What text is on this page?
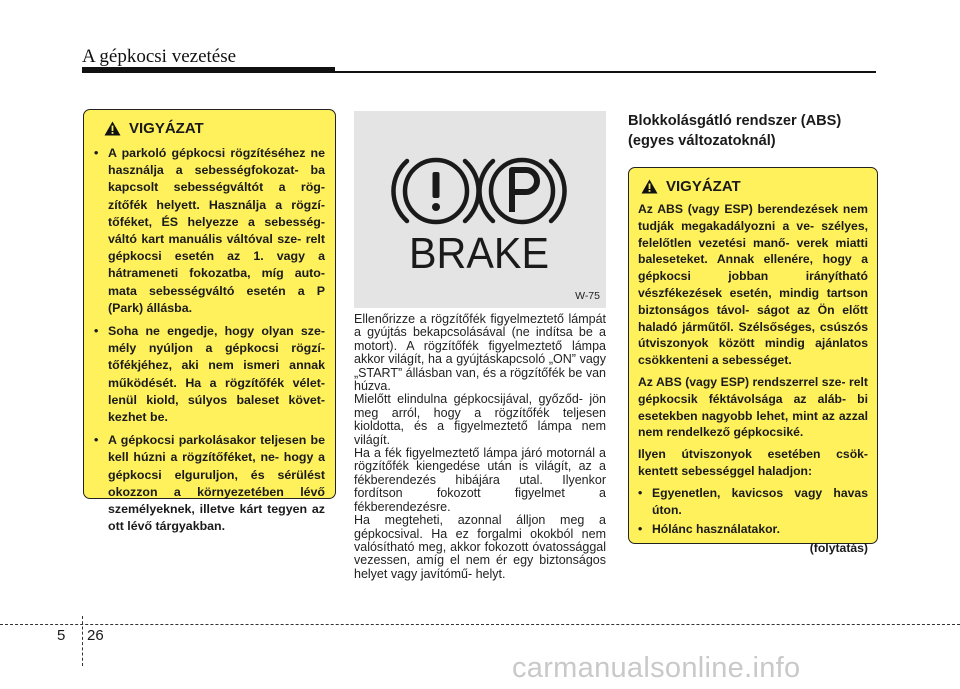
A gépkocsi vezetése
VIGYÁZAT
• A parkoló gépkocsi rögzítéséhez ne használja a sebességfokozat- ba kapcsolt sebességváltót a rög- zítőfék helyett. Használja a rögzí- tőféket, ÉS helyezze a sebesség- váltó kart manuális váltóval sze- relt gépkocsi esetén az 1. vagy a hátrameneti fokozatba, míg auto- mata sebességváltó esetén a P (Park) állásba.
• Soha ne engedje, hogy olyan sze- mély nyúljon a gépkocsi rögzí- tőfékjéhez, aki nem ismeri annak működését. Ha a rögzítőfék vélet- lenül kiold, súlyos baleset követ- kezhet be.
• A gépkocsi parkolásakor teljesen be kell húzni a rögzítőféket, ne- hogy a gépkocsi elguruljon, és sérülést okozzon a környezetében lévő személyeknek, illetve kárt tegyen az ott lévő tárgyakban.
BRAKE
W-75

Ellenőrizze a rögzítőfék figyelmeztető lámpát a gyújtás bekapcsolásával (ne indítsa be a motort). A rögzítőfék figyelmeztető lámpa akkor világít, ha a gyújtáskapcsoló „ON” vagy „START” állásban van, és a rögzítőfék be van húzva.

Mielőtt elindulna gépkocsijával, győződ- jön meg arról, hogy a rögzítőfék teljesen kioldotta, és a figyelmeztető lámpa nem világít.

Ha a fék figyelmeztető lámpa járó motornál a rögzítőfék kiengedése után is világít, az a fékberendezés hibájára utal. Ilyenkor fordítson fokozott figyelmet a fékberendezésre.

Ha megteheti, azonnal álljon meg a gépkocsival. Ha ez forgalmi okokból nem valósítható meg, akkor fokozott óvatossággal vezessen, amíg el nem ér egy biztonságos helyet vagy javítómű- helyt.

Blokkolásgátló rendszer (ABS)
(egyes változatoknál)
VIGYÁZAT

Az ABS (vagy ESP) berendezések nem tudják megakadályozni a ve- szélyes, felelőtlen vezetési manő- verek miatti baleseteket. Annak ellenére, hogy a gépkocsi jobban irányítható vészfékezések esetén, mindig tartson biztonságos távol- ságot az Ön előtt haladó járműtől. Szélsőséges, csúszós útviszonyok között mindig ajánlatos csökkenteni a sebességet.

Az ABS (vagy ESP) rendszerrel sze- relt gépkocsik féktávolsága az aláb- bi esetekben nagyobb lehet, mint az azzal nem rendelkező gépkocsiké.

Ilyen útviszonyok esetében csök- kentett sebességgel haladjon:

• Egyenetlen, kavicsos vagy havas úton.
• Hólánc használatakor.
(folytatás)
5 26
carmanualsonline.info
